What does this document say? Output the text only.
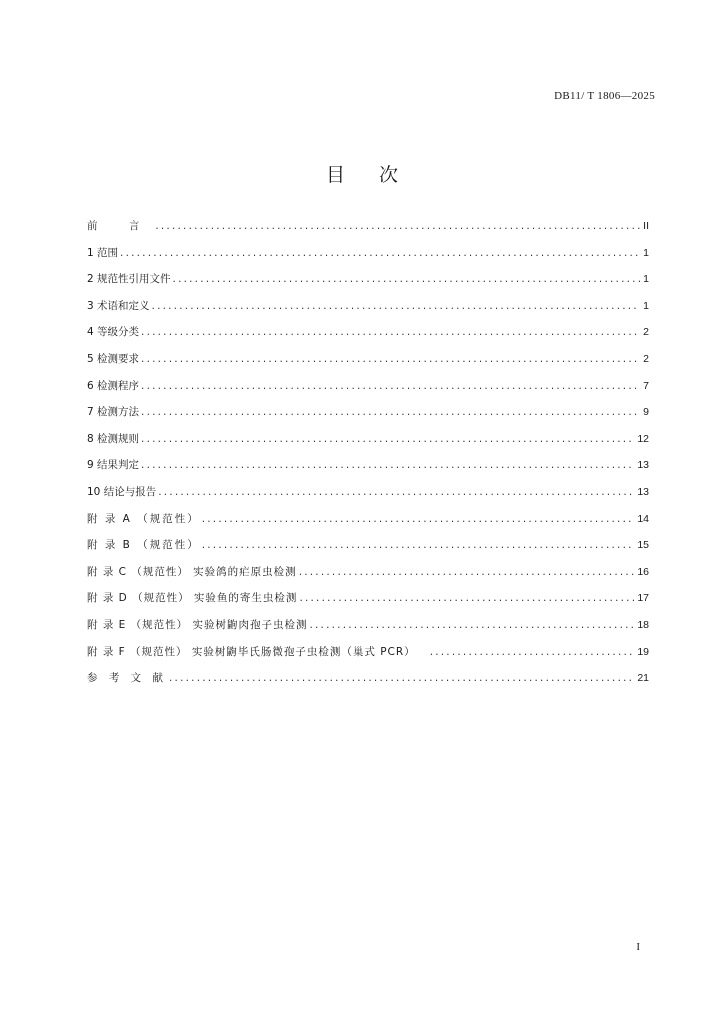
DB11/ T 1806—2025
目次
前 言 .....	II
1 范围 .....	1
2 规范性引用文件 .....	1
3 术语和定义 .....	1
4 等级分类 .....	2
5 检测要求 .....	2
6 检测程序 .....	7
7 检测方法 .....	9
8 检测规则 .....	12
9 结果判定 .....	13
10 结论与报告 .....	13
附 录 A （规范性） .....	14
附 录 B （规范性） .....	15
附 录 C （规范性） 实验鸽的疟原虫检测 .....	16
附 录 D （规范性） 实验鱼的寄生虫检测 .....	17
附 录 E （规范性） 实验树鼩肉孢子虫检测 .....	18
附 录 F （规范性） 实验树鼩毕氏肠微孢子虫检测（巢式 PCR） .....	19
参 考 文 献 .....	21
I
